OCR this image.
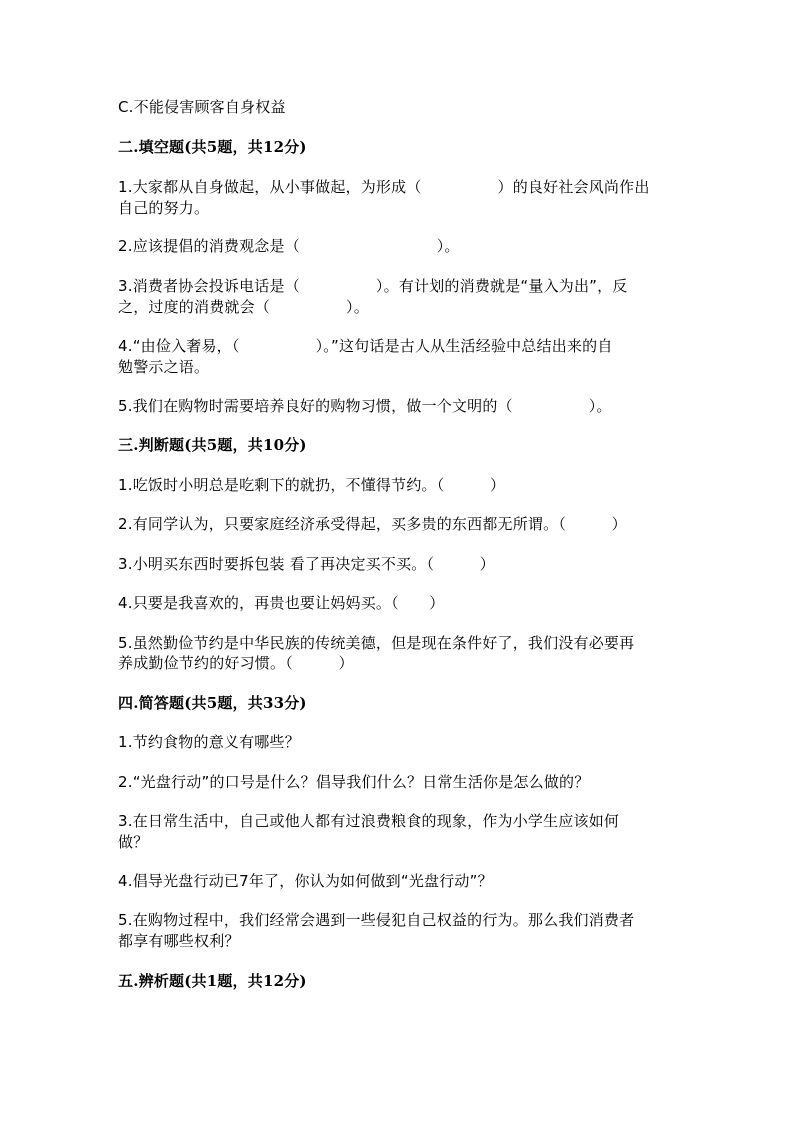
C.不能侵害顾客自身权益
二.填空题(共5题，共12分)
1.大家都从自身做起，从小事做起，为形成（　　　　　）的良好社会风尚作出
自己的努力。
2.应该提倡的消费观念是（　　　　　　　　　）。
3.消费者协会投诉电话是（　　　　　）。有计划的消费就是“量入为出”，反
之，过度的消费就会（　　　　　）。
4.“由俭入奢易，（　　　　　）。”这句话是古人从生活经验中总结出来的自
勉警示之语。
5.我们在购物时需要培养良好的购物习惯，做一个文明的（　　　　　）。
三.判断题(共5题，共10分)
1.吃饭时小明总是吃剩下的就扔，不懂得节约。（　　　）
2.有同学认为，只要家庭经济承受得起，买多贵的东西都无所谓。（　　　）
3.小明买东西时要拆包装 看了再决定买不买。（　　　）
4.只要是我喜欢的，再贵也要让妈妈买。（　　）
5.虽然勤俭节约是中华民族的传统美德，但是现在条件好了，我们没有必要再
养成勤俭节约的好习惯。（　　　）
四.简答题(共5题，共33分)
1.节约食物的意义有哪些？
2.“光盘行动”的口号是什么？倡导我们什么？日常生活你是怎么做的？
3.在日常生活中，自己或他人都有过浪费粮食的现象，作为小学生应该如何
做？
4.倡导光盘行动已7年了，你认为如何做到“光盘行动”？
5.在购物过程中，我们经常会遇到一些侵犯自己权益的行为。那么我们消费者
都享有哪些权利？
五.辨析题(共1题，共12分)
